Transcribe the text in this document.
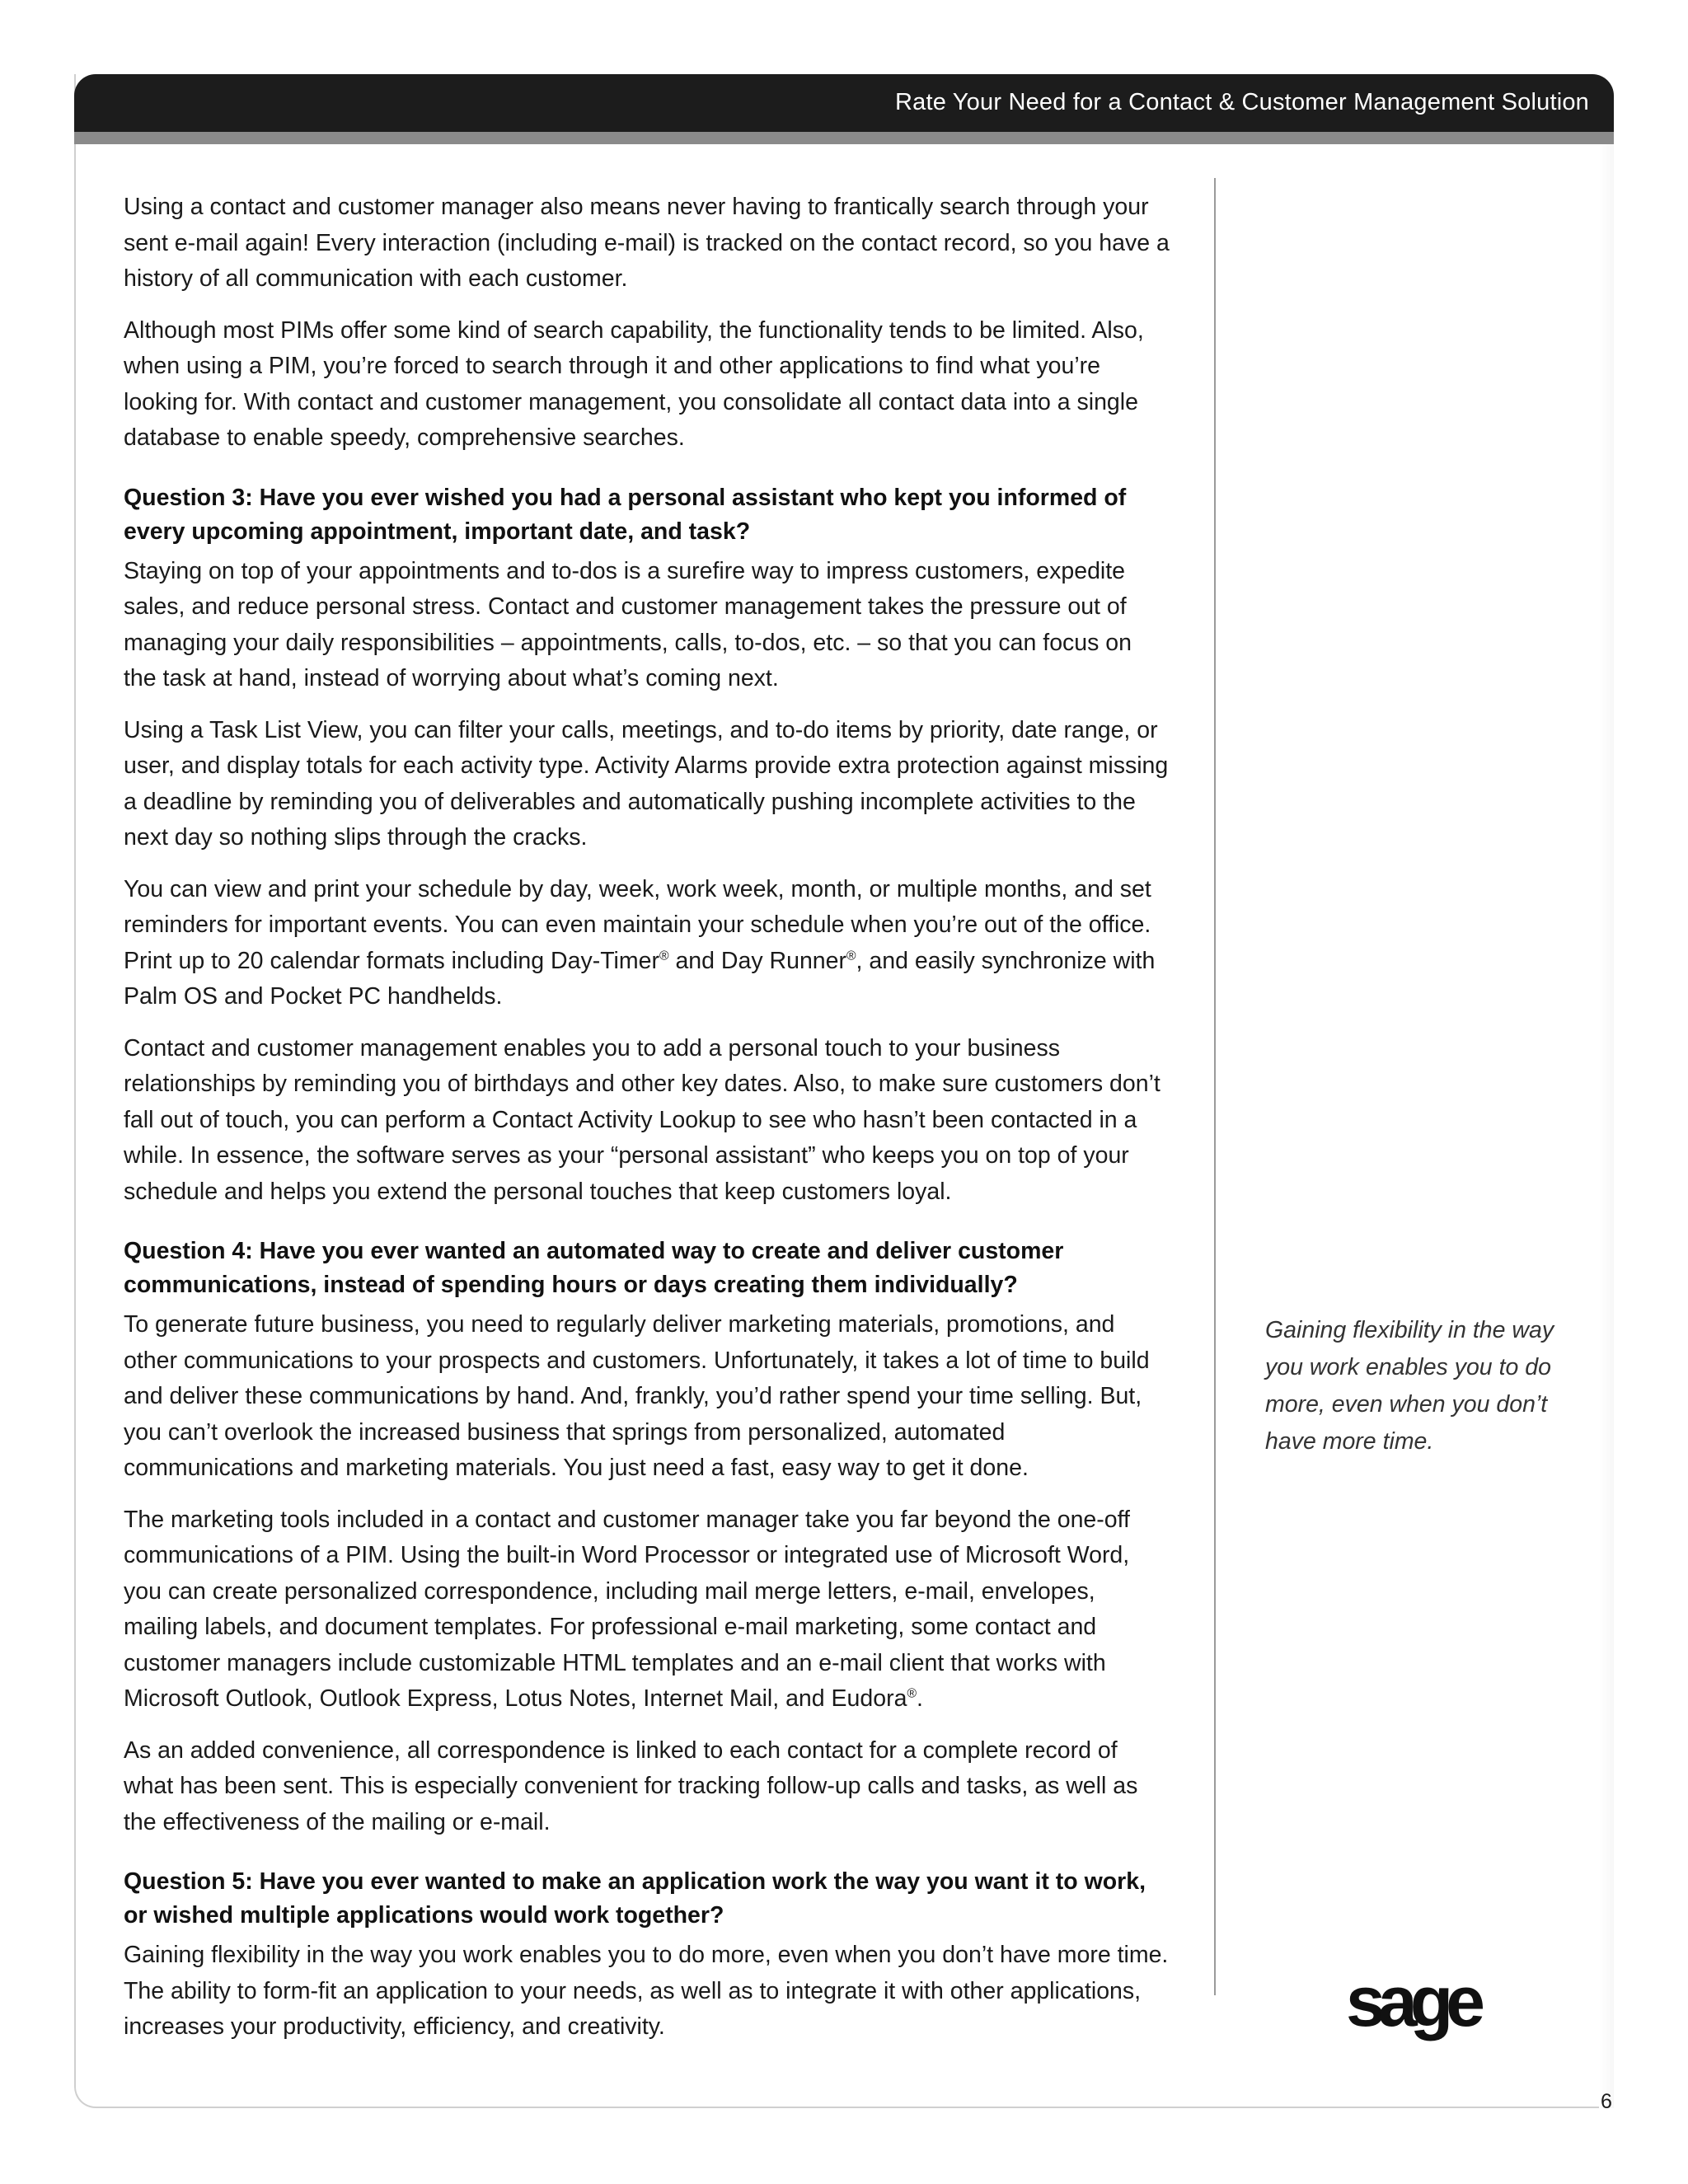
Rate Your Need for a Contact & Customer Management Solution

Using a contact and customer manager also means never having to frantically search through your sent e-mail again! Every interaction (including e-mail) is tracked on the contact record, so you have a history of all communication with each customer.

Although most PIMs offer some kind of search capability, the functionality tends to be limited. Also, when using a PIM, you’re forced to search through it and other applications to find what you’re looking for. With contact and customer management, you consolidate all contact data into a single database to enable speedy, comprehensive searches.

Question 3: Have you ever wished you had a personal assistant who kept you informed of every upcoming appointment, important date, and task?

Staying on top of your appointments and to-dos is a surefire way to impress customers, expedite sales, and reduce personal stress. Contact and customer management takes the pressure out of managing your daily responsibilities – appointments, calls, to-dos, etc. – so that you can focus on the task at hand, instead of worrying about what’s coming next.

Using a Task List View, you can filter your calls, meetings, and to-do items by priority, date range, or user, and display totals for each activity type. Activity Alarms provide extra protection against missing a deadline by reminding you of deliverables and automatically pushing incomplete activities to the next day so nothing slips through the cracks.

You can view and print your schedule by day, week, work week, month, or multiple months, and set reminders for important events. You can even maintain your schedule when you’re out of the office. Print up to 20 calendar formats including Day-Timer® and Day Runner®, and easily synchronize with Palm OS and Pocket PC handhelds.

Contact and customer management enables you to add a personal touch to your business relationships by reminding you of birthdays and other key dates. Also, to make sure customers don’t fall out of touch, you can perform a Contact Activity Lookup to see who hasn’t been contacted in a while. In essence, the software serves as your “personal assistant” who keeps you on top of your schedule and helps you extend the personal touches that keep customers loyal.

Question 4: Have you ever wanted an automated way to create and deliver customer communications, instead of spending hours or days creating them individually?

To generate future business, you need to regularly deliver marketing materials, promotions, and other communications to your prospects and customers. Unfortunately, it takes a lot of time to build and deliver these communications by hand. And, frankly, you’d rather spend your time selling. But, you can’t overlook the increased business that springs from personalized, automated communications and marketing materials. You just need a fast, easy way to get it done.

The marketing tools included in a contact and customer manager take you far beyond the one-off communications of a PIM. Using the built-in Word Processor or integrated use of Microsoft Word, you can create personalized correspondence, including mail merge letters, e-mail, envelopes, mailing labels, and document templates. For professional e-mail marketing, some contact and customer managers include customizable HTML templates and an e-mail client that works with Microsoft Outlook, Outlook Express, Lotus Notes, Internet Mail, and Eudora®.

As an added convenience, all correspondence is linked to each contact for a complete record of what has been sent. This is especially convenient for tracking follow-up calls and tasks, as well as the effectiveness of the mailing or e-mail.

Question 5: Have you ever wanted to make an application work the way you want it to work, or wished multiple applications would work together?

Gaining flexibility in the way you work enables you to do more, even when you don’t have more time. The ability to form-fit an application to your needs, as well as to integrate it with other applications, increases your productivity, efficiency, and creativity.

Gaining flexibility in the way you work enables you to do more, even when you don’t have more time.
sage
6
